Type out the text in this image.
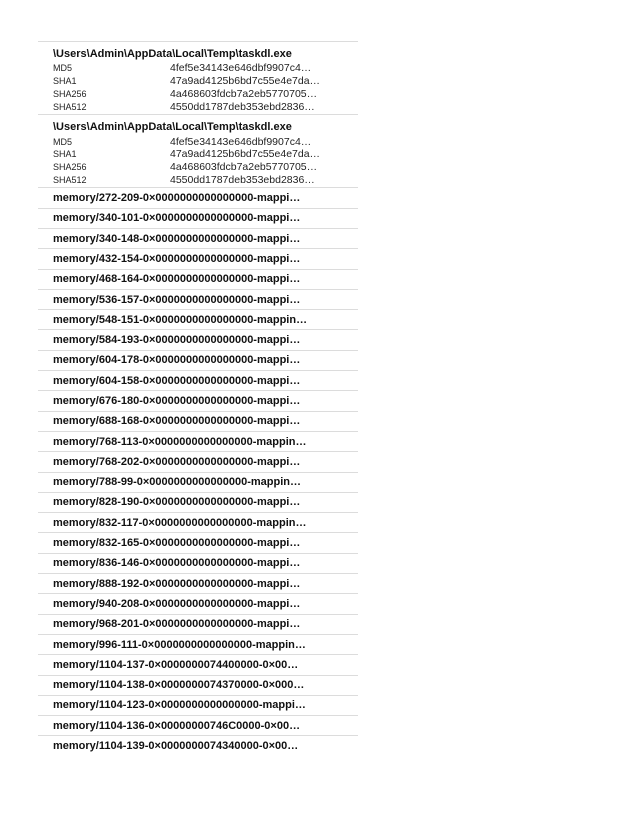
\Users\Admin\AppData\Local\Temp\taskdl.exe
MD5	4fef5e34143e646dbf9907c4…
SHA1	47a9ad4125b6bd7c55e4e7da…
SHA256	4a468603fdcb7a2eb5770705…
SHA512	4550dd1787deb353ebd2836…
\Users\Admin\AppData\Local\Temp\taskdl.exe
MD5	4fef5e34143e646dbf9907c4…
SHA1	47a9ad4125b6bd7c55e4e7da…
SHA256	4a468603fdcb7a2eb5770705…
SHA512	4550dd1787deb353ebd2836…
memory/272-209-0×0000000000000000-mappi…
memory/340-101-0×0000000000000000-mappi…
memory/340-148-0×0000000000000000-mappi…
memory/432-154-0×0000000000000000-mappi…
memory/468-164-0×0000000000000000-mappi…
memory/536-157-0×0000000000000000-mappi…
memory/548-151-0×0000000000000000-mappin…
memory/584-193-0×0000000000000000-mappi…
memory/604-178-0×0000000000000000-mappi…
memory/604-158-0×0000000000000000-mappi…
memory/676-180-0×0000000000000000-mappi…
memory/688-168-0×0000000000000000-mappi…
memory/768-113-0×0000000000000000-mappin…
memory/768-202-0×0000000000000000-mappi…
memory/788-99-0×0000000000000000-mappin…
memory/828-190-0×0000000000000000-mappi…
memory/832-117-0×0000000000000000-mappin…
memory/832-165-0×0000000000000000-mappi…
memory/836-146-0×0000000000000000-mappi…
memory/888-192-0×0000000000000000-mappi…
memory/940-208-0×0000000000000000-mappi…
memory/968-201-0×0000000000000000-mappi…
memory/996-111-0×0000000000000000-mappin…
memory/1104-137-0×0000000074400000-0×00…
memory/1104-138-0×0000000074370000-0×000…
memory/1104-123-0×0000000000000000-mappi…
memory/1104-136-0×00000000746C0000-0×00…
memory/1104-139-0×0000000074340000-0×00…
